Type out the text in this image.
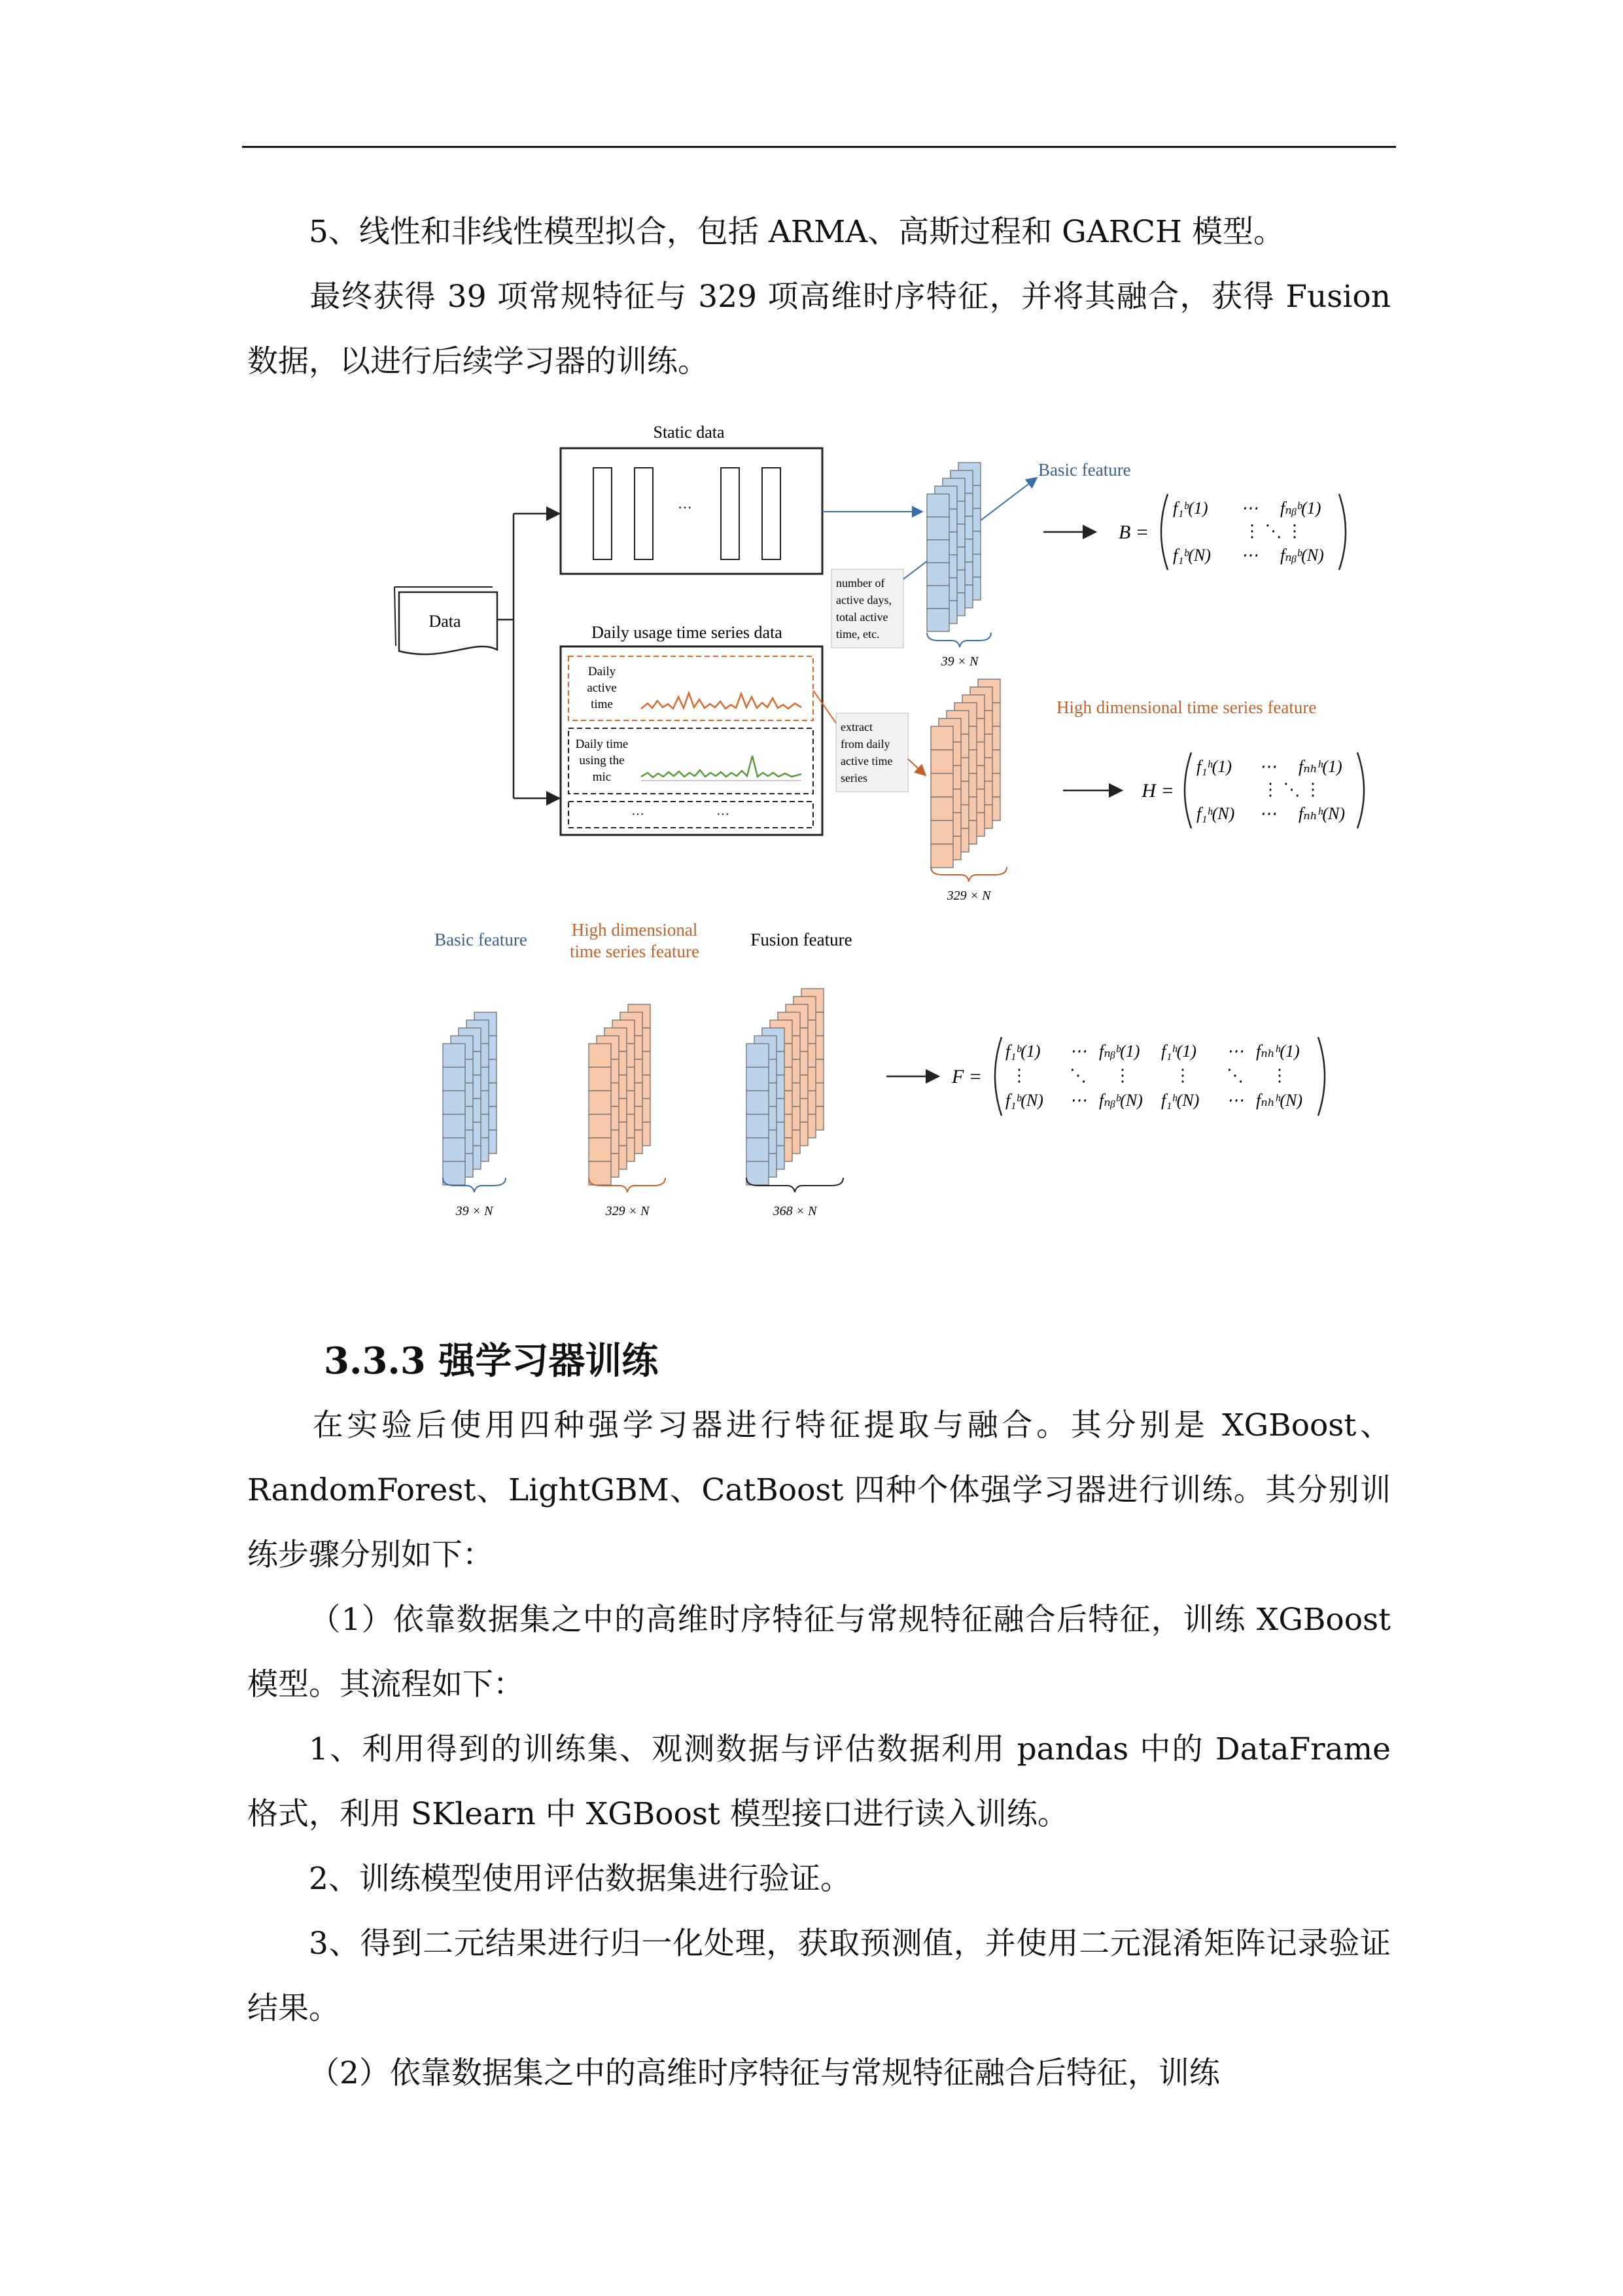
5、线性和非线性模型拟合，包括 ARMA、高斯过程和 GARCH 模型。

最终获得 39 项常规特征与 329 项高维时序特征，并将其融合，获得 Fusion 数据，以进行后续学习器的训练。

Data
Static data
···
Daily usage time series data
Daily
active
time
Daily time
using the
mic
···	···
number of
active days,
total active
time, etc.
extract
from daily
active time
series
Basic feature
39 × N
High dimensional time series feature
329 × N
B =
f₁ᵇ(1) ⋯ fₙᵦᵇ(1)
⋮ ⋱ ⋮
f₁ᵇ(N) ⋯ fₙᵦᵇ(N)
H =
f₁ʰ(1) ⋯ fₙₕʰ(1)
⋮ ⋱ ⋮
f₁ʰ(N) ⋯ fₙₕʰ(N)
Basic feature	High dimensional
time series feature
Fusion feature
39 × N	329 × N	368 × N
F =
f₁ᵇ(1) ⋯ fₙᵦᵇ(1) f₁ʰ(1) ⋯ fₙₕʰ(1)
⋮ ⋱ ⋮	⋮ ⋱ ⋮
f₁ᵇ(N) ⋯ fₙᵦᵇ(N) f₁ʰ(N) ⋯ fₙₕʰ(N)

3.3.3 强学习器训练

在实验后使用四种强学习器进行特征提取与融合。其分别是 XGBoost、RandomForest、LightGBM、CatBoost 四种个体强学习器进行训练。其分别训练步骤分别如下：

（1）依靠数据集之中的高维时序特征与常规特征融合后特征，训练 XGBoost 模型。其流程如下：

1、利用得到的训练集、观测数据与评估数据利用 pandas 中的 DataFrame 格式，利用 SKlearn 中 XGBoost 模型接口进行读入训练。

2、训练模型使用评估数据集进行验证。

3、得到二元结果进行归一化处理，获取预测值，并使用二元混淆矩阵记录验证结果。

（2）依靠数据集之中的高维时序特征与常规特征融合后特征，训练
